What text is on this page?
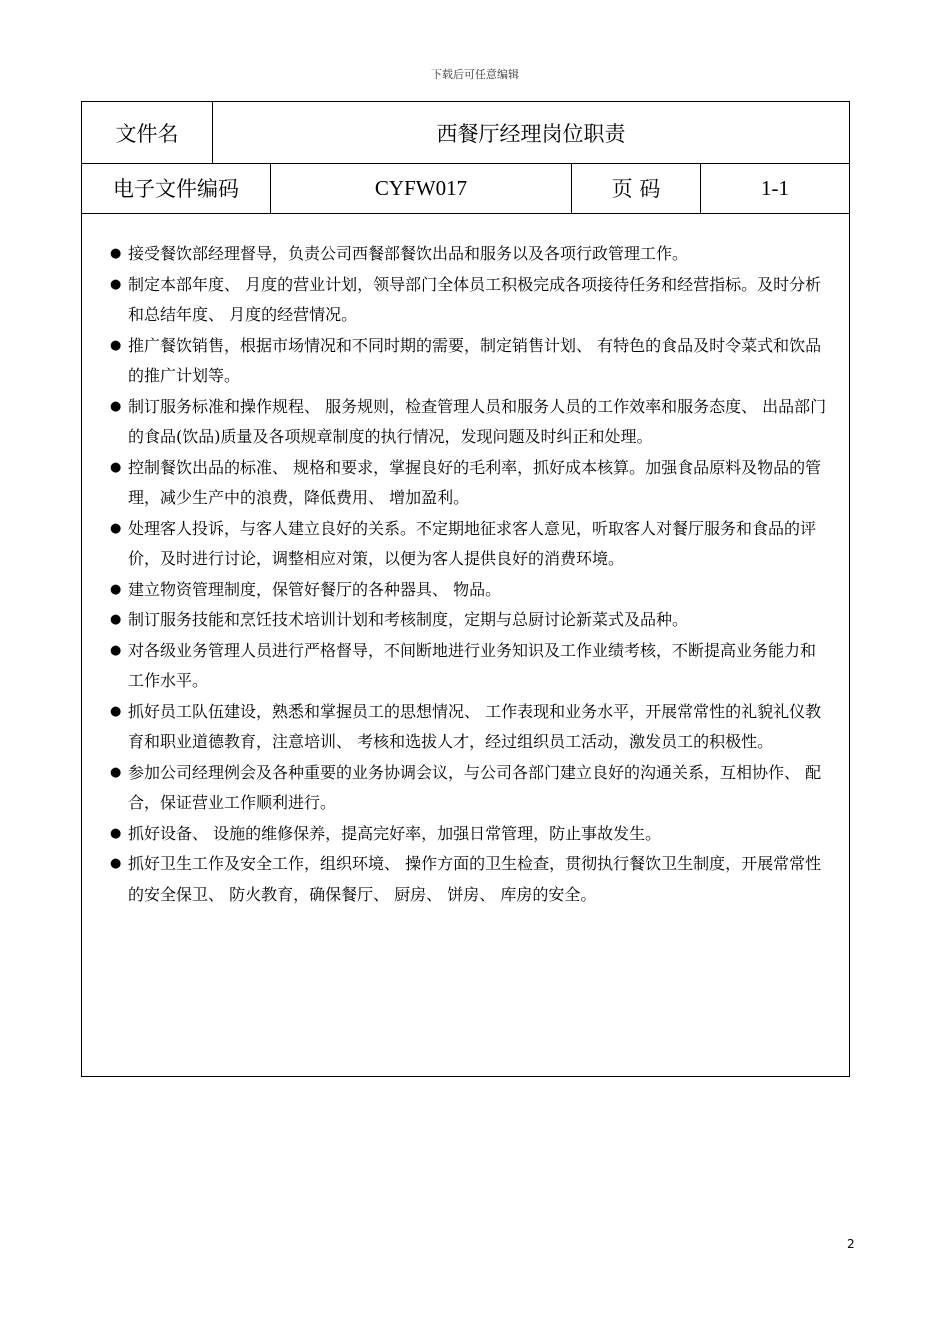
下载后可任意编辑
文件名	西餐厅经理岗位职责
电子文件编码	CYFW017	页 码	1-1

● 接受餐饮部经理督导，负责公司西餐部餐饮出品和服务以及各项行政管理工作。

● 制定本部年度、 月度的营业计划，领导部门全体员工积极完成各项接待任务和经营指标。及时分析和总结年度、 月度的经营情况。

● 推广餐饮销售，根据市场情况和不同时期的需要，制定销售计划、 有特色的食品及时令菜式和饮品的推广计划等。

● 制订服务标准和操作规程、 服务规则，检查管理人员和服务人员的工作效率和服务态度、 出品部门的食品(饮品)质量及各项规章制度的执行情况，发现问题及时纠正和处理。

● 控制餐饮出品的标准、 规格和要求，掌握良好的毛利率，抓好成本核算。加强食品原料及物品的管理，减少生产中的浪费，降低费用、 增加盈利。

● 处理客人投诉，与客人建立良好的关系。不定期地征求客人意见，听取客人对餐厅服务和食品的评价，及时进行讨论，调整相应对策，以便为客人提供良好的消费环境。

● 建立物资管理制度，保管好餐厅的各种器具、 物品。

● 制订服务技能和烹饪技术培训计划和考核制度，定期与总厨讨论新菜式及品种。

● 对各级业务管理人员进行严格督导，不间断地进行业务知识及工作业绩考核，不断提高业务能力和工作水平。

● 抓好员工队伍建设，熟悉和掌握员工的思想情况、 工作表现和业务水平，开展常常性的礼貌礼仪教育和职业道德教育，注意培训、 考核和选拔人才，经过组织员工活动，激发员工的积极性。

● 参加公司经理例会及各种重要的业务协调会议，与公司各部门建立良好的沟通关系，互相协作、 配合，保证营业工作顺利进行。

● 抓好设备、 设施的维修保养，提高完好率，加强日常管理，防止事故发生。

● 抓好卫生工作及安全工作，组织环境、 操作方面的卫生检查，贯彻执行餐饮卫生制度，开展常常性的安全保卫、 防火教育，确保餐厅、 厨房、 饼房、 库房的安全。

2
